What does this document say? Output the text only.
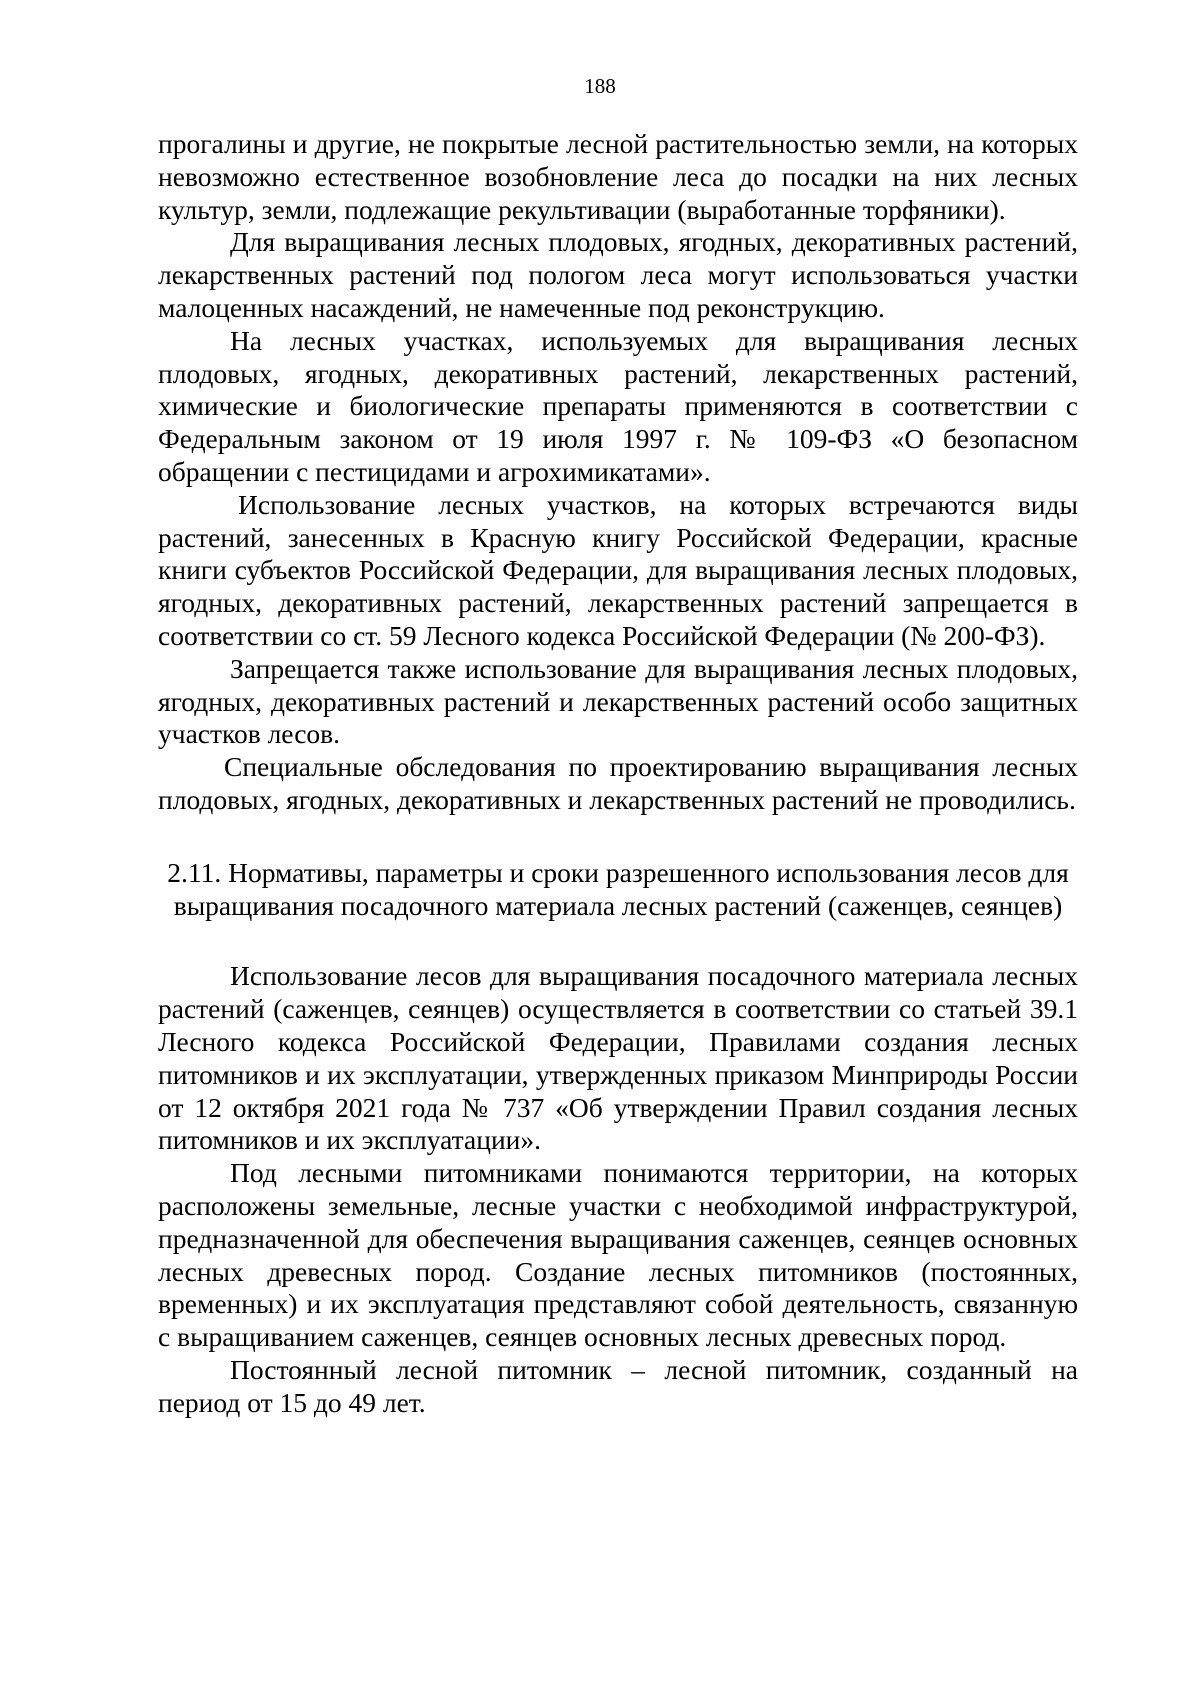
188

прогалины и другие, не покрытые лесной растительностью земли, на которых невозможно естественное возобновление леса до посадки на них лесных культур, земли, подлежащие рекультивации (выработанные торфяники).

Для выращивания лесных плодовых, ягодных, декоративных растений, лекарственных растений под пологом леса могут использоваться участки малоценных насаждений, не намеченные под реконструкцию.

На лесных участках, используемых для выращивания лесных плодовых, ягодных, декоративных растений, лекарственных растений, химические и биологические препараты применяются в соответствии с Федеральным законом от 19 июля 1997 г. № 109-ФЗ «О безопасном обращении с пестицидами и агрохимикатами».

Использование лесных участков, на которых встречаются виды растений, занесенных в Красную книгу Российской Федерации, красные книги субъектов Российской Федерации, для выращивания лесных плодовых, ягодных, декоративных растений, лекарственных растений запрещается в соответствии со ст. 59 Лесного кодекса Российской Федерации (№ 200-ФЗ).

Запрещается также использование для выращивания лесных плодовых, ягодных, декоративных растений и лекарственных растений особо защитных участков лесов.

Специальные обследования по проектированию выращивания лесных плодовых, ягодных, декоративных и лекарственных растений не проводились.

2.11. Нормативы, параметры и сроки разрешенного использования лесов для выращивания посадочного материала лесных растений (саженцев, сеянцев)

Использование лесов для выращивания посадочного материала лесных растений (саженцев, сеянцев) осуществляется в соответствии со статьей 39.1 Лесного кодекса Российской Федерации, Правилами создания лесных питомников и их эксплуатации, утвержденных приказом Минприроды России от 12 октября 2021 года № 737 «Об утверждении Правил создания лесных питомников и их эксплуатации».

Под лесными питомниками понимаются территории, на которых расположены земельные, лесные участки с необходимой инфраструктурой, предназначенной для обеспечения выращивания саженцев, сеянцев основных лесных древесных пород. Создание лесных питомников (постоянных, временных) и их эксплуатация представляют собой деятельность, связанную с выращиванием саженцев, сеянцев основных лесных древесных пород.

Постоянный лесной питомник – лесной питомник, созданный на период от 15 до 49 лет.
